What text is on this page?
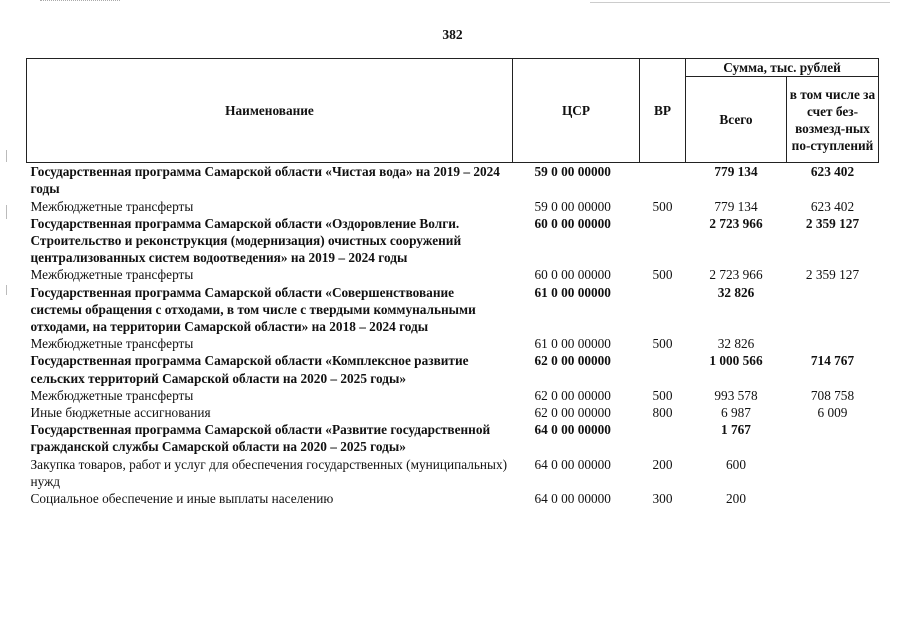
382
Наименование	ЦСР	ВР	Сумма, тыс. рублей	
			Всего	в том числе за счет без-возмезд-ных по-ступлений
Государственная программа Самарской области «Чистая вода» на 2019 – 2024 годы	59 0 00 00000		779 134	623 402
Межбюджетные трансферты	59 0 00 00000	500	779 134	623 402
Государственная программа Самарской области «Оздоровление Волги. Строительство и реконструкция (модернизация) очистных сооружений централизованных систем водоотведения» на 2019 – 2024 годы	60 0 00 00000		2 723 966	2 359 127
Межбюджетные трансферты	60 0 00 00000	500	2 723 966	2 359 127
Государственная программа Самарской области «Совершенствование системы обращения с отходами, в том числе с твердыми коммунальными отходами, на территории Самарской области» на 2018 – 2024 годы	61 0 00 00000		32 826	
Межбюджетные трансферты	61 0 00 00000	500	32 826	
Государственная программа Самарской области «Комплексное развитие сельских территорий Самарской области на 2020 – 2025 годы»	62 0 00 00000		1 000 566	714 767
Межбюджетные трансферты	62 0 00 00000	500	993 578	708 758
Иные бюджетные ассигнования	62 0 00 00000	800	6 987	6 009
Государственная программа Самарской области «Развитие государственной гражданской службы Самарской области на 2020 – 2025 годы»	64 0 00 00000		1 767	
Закупка товаров, работ и услуг для обеспечения государственных (муниципальных) нужд	64 0 00 00000	200	600	
Социальное обеспечение и иные выплаты населению	64 0 00 00000	300	200	
